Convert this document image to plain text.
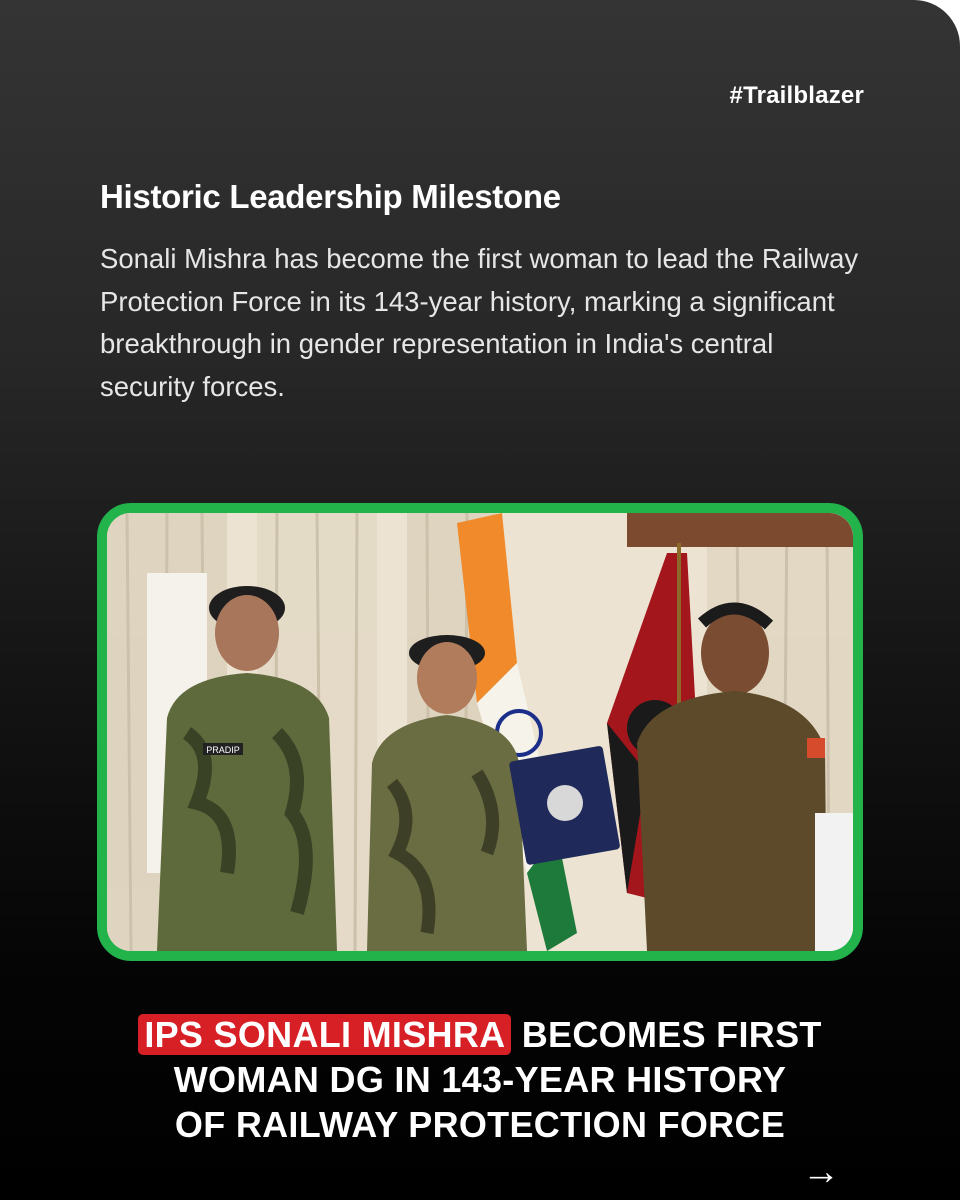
#Trailblazer
Historic Leadership Milestone
Sonali Mishra has become the first woman to lead the Railway Protection Force in its 143-year history, marking a significant breakthrough in gender representation in India's central security forces.
PRADIP
IPS SONALI MISHRA BECOMES FIRST
WOMAN DG IN 143-YEAR HISTORY
OF RAILWAY PROTECTION FORCE
→
